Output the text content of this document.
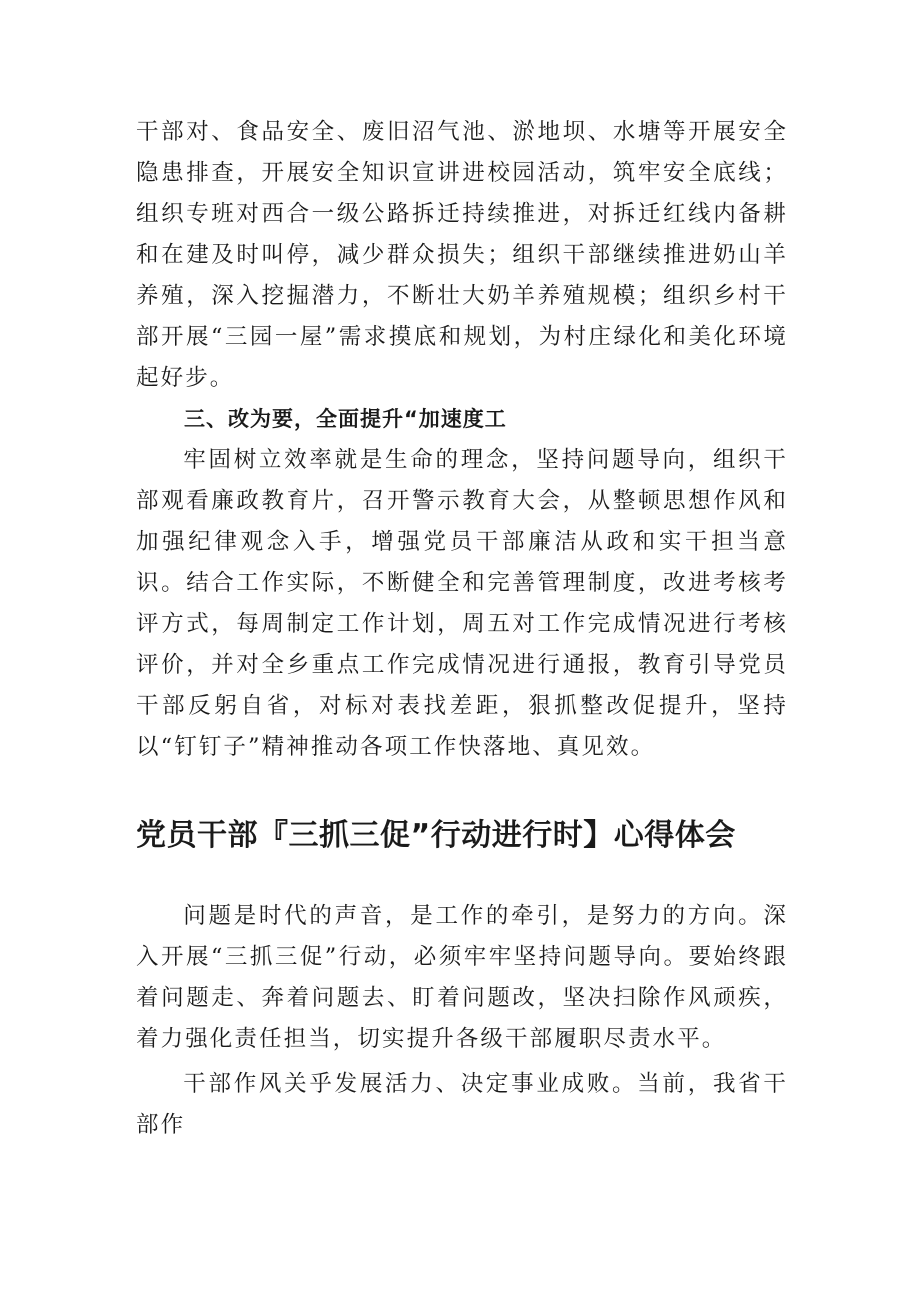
干部对、食品安全、废旧沼气池、淤地坝、水塘等开展安全隐患排查，开展安全知识宣讲进校园活动，筑牢安全底线；组织专班对西合一级公路拆迁持续推进，对拆迁红线内备耕和在建及时叫停，减少群众损失；组织干部继续推进奶山羊养殖，深入挖掘潜力，不断壮大奶羊养殖规模；组织乡村干部开展“三园一屋”需求摸底和规划，为村庄绿化和美化环境起好步。

三、改为要，全面提升“加速度工

牢固树立效率就是生命的理念，坚持问题导向，组织干部观看廉政教育片，召开警示教育大会，从整顿思想作风和加强纪律观念入手，增强党员干部廉洁从政和实干担当意识。结合工作实际，不断健全和完善管理制度，改进考核考评方式，每周制定工作计划，周五对工作完成情况进行考核评价，并对全乡重点工作完成情况进行通报，教育引导党员干部反躬自省，对标对表找差距，狠抓整改促提升，坚持以“钉钉子”精神推动各项工作快落地、真见效。

党员干部『三抓三促”行动进行时】心得体会

问题是时代的声音，是工作的牵引，是努力的方向。深入开展“三抓三促”行动，必须牢牢坚持问题导向。要始终跟着问题走、奔着问题去、盯着问题改，坚决扫除作风顽疾，着力强化责任担当，切实提升各级干部履职尽责水平。

干部作风关乎发展活力、决定事业成败。当前，我省干部作
